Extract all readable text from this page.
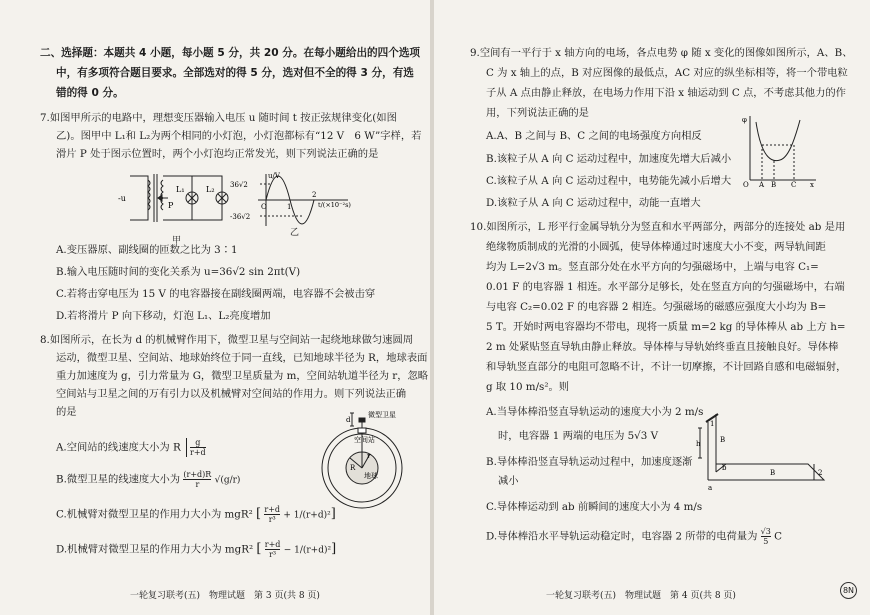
二、选择题：本题共 4 小题，每小题 5 分，共 20 分。在每小题给出的四个选项
中，有多项符合题目要求。全部选对的得 5 分，选对但不全的得 3 分，有选
错的得 0 分。
7.如图甲所示的电路中，理想变压器输入电压 u 随时间 t 按正弦规律变化(如图
乙)。图甲中 L₁和 L₂为两个相同的小灯泡，小灯泡都标有“12 V　6 W”字样，若
滑片 P 处于图示位置时，两个小灯泡均正常发光，则下列说法正确的是
-u
P
L₁	L₂
甲
u/V
36√2
-36√2
O	1
2
t/(×10⁻²s)
乙
A.变压器原、副线圈的匝数之比为 3∶1
B.输入电压随时间的变化关系为 u=36√2 sin 2πt(V)
C.若将击穿电压为 15 V 的电容器接在副线圈两端，电容器不会被击穿
D.若将滑片 P 向下移动，灯泡 L₁、L₂亮度增加
8.如图所示，在长为 d 的机械臂作用下，微型卫星与空间站一起绕地球做匀速圆周
运动，微型卫星、空间站、地球始终位于同一直线，已知地球半径为 R，地球表面
重力加速度为 g，引力常量为 G，微型卫星质量为 m，空间站轨道半径为 r，忽略
空间站与卫星之间的万有引力以及机械臂对空间站的作用力。则下列说法正确
的是
A.空间站的线速度大小为 R $\frac{g}{r+d}$
B.微型卫星的线速度大小为 $\frac{(r+d)R}{r} √(g/r)$
C.机械臂对微型卫星的作用力大小为 mgR² [ $\frac{r+d}{\text{r³}} + 1/(r+d)^2$]
D.机械臂对微型卫星的作用力大小为 mgR² [ $\frac{r+d}{\text{r³}} - 1/(r+d)^2$]
d
微型卫星
空间站
地球
R
r
一轮复习联考(五)　物理试题　第 3 页(共 8 页)
9.空间有一平行于 x 轴方向的电场，各点电势 φ 随 x 变化的图像如图所示，A、B、
C 为 x 轴上的点，B 对应图像的最低点，AC 对应的纵坐标相等，将一个带电粒
子从 A 点由静止释放，在电场力作用下沿 x 轴运动到 C 点，不考虑其他力的作
用，下列说法正确的是
A.A、B 之间与 B、C 之间的电场强度方向相反
B.该粒子从 A 向 C 运动过程中，加速度先增大后减小
C.该粒子从 A 向 C 运动过程中，电势能先减小后增大
D.该粒子从 A 向 C 运动过程中，动能一直增大
φ
O A B C x
10.如图所示，L 形平行金属导轨分为竖直和水平两部分，两部分的连接处 ab 是用
绝缘物质制成的光滑的小圆弧，使导体棒通过时速度大小不变，两导轨间距
均为 L=2√3 m。竖直部分处在水平方向的匀强磁场中，上端与电容 C₁=
0.01 F 的电容器 1 相连。水平部分足够长，处在竖直方向的匀强磁场中，右端
与电容 C₂=0.02 F 的电容器 2 相连。匀强磁场的磁感应强度大小均为 B=
5 T。开始时两电容器均不带电，现将一质量 m=2 kg 的导体棒从 ab 上方 h=
2 m 处紧贴竖直导轨由静止释放。导体棒与导轨始终垂直且接触良好。导体棒
和导轨竖直部分的电阻可忽略不计，不计一切摩擦，不计回路自感和电磁辐射，
g 取 10 m/s²。则
A.当导体棒沿竖直导轨运动的速度大小为 2 m/s
时，电容器 1 两端的电压为 5√3 V
B.导体棒沿竖直导轨运动过程中，加速度逐渐
减小
C.导体棒运动到 ab 前瞬间的速度大小为 4 m/s
D.导体棒沿水平导轨运动稳定时，电容器 2 所带的电荷量为 $\frac{√3}{5}$ C
1
B
h
a
b
B	2
一轮复习联考(五)　物理试题　第 4 页(共 8 页)
8N
